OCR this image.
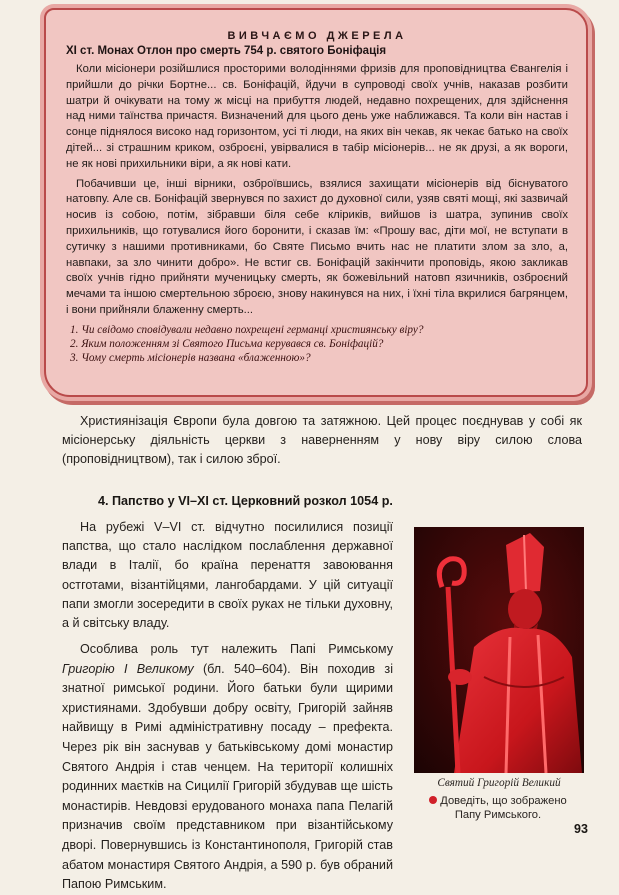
ВИВЧАЄМО ДЖЕРЕЛА

ХІ ст. Монах Отлон про смерть 754 р. святого Боніфація

Коли місіонери розійшлися просторими володіннями фризів для проповідництва Євангелія і прийшли до річки Бортне... св. Боніфацій, йдучи в супроводі своїх учнів, наказав розбити шатри й очікувати на тому ж місці на прибуття людей, недавно похрещених, для здійснення над ними таїнства причастя. Визначений для цього день уже наближався. Та коли він настав і сонце піднялося високо над горизонтом, усі ті люди, на яких він чекав, як чекає батько на своїх дітей... зі страшним криком, озброєні, увірвалися в табір місіонерів... не як друзі, а як вороги, не як нові прихильники віри, а як нові кати.

Побачивши це, інші вірники, озброївшись, взялися захищати місіонерів від біснуватого натовпу. Але св. Боніфацій звернувся по захист до духовної сили, узяв святі мощі, які зазвичай носив із собою, потім, зібравши біля себе кліриків, вийшов із шатра, зупинив своїх прихильників, що готувалися його боронити, і сказав їм: «Прошу вас, діти мої, не вступати в сутичку з нашими противниками, бо Святе Письмо вчить нас не платити злом за зло, а, навпаки, за зло чинити добро». Не встиг св. Боніфацій закінчити проповідь, якою закликав своїх учнів гідно прийняти мученицьку смерть, як божевільний натовп язичників, озброєний мечами та іншою смертельною зброєю, знову накинувся на них, і їхні тіла вкрилися багрянцем, і вони прийняли блаженну смерть...

1. Чи свідомо сповідували недавно похрещені германці християнську віру?
2. Яким положенням зі Святого Письма керувався св. Боніфацій?
3. Чому смерть місіонерів названа «блаженною»?

Християнізація Європи була довгою та затяжною. Цей процес поєднував у собі як місіонерську діяльність церкви з наверненням у нову віру силою слова (проповідництвом), так і силою зброї.

4. Папство у VI–XI ст. Церковний розкол 1054 р.

На рубежі V–VI ст. відчутно посилилися позиції папства, що стало наслідком послаблення державної влади в Італії, бо країна перенаття завоювання остготами, візантійцями, лангобардами. У цій ситуації папи змогли зосередити в своїх руках не тільки духовну, а й світську владу.

Особлива роль тут належить Папі Римському Григорію I Великому (бл. 540–604). Він походив зі знатної римської родини. Його батьки були щирими християнами. Здобувши добру освіту, Григорій зайняв найвищу в Римі адміністративну посаду – префекта. Через рік він заснував у батьківському домі монастир Святого Андрія і став ченцем. На території колишніх родинних маєтків на Сицилії Григорій збудував ще шість монастирів. Невдовзі ерудованого монаха папа Пелагій призначив своїм представником при візантійському дворі. Повернувшись із Константинополя, Григорій став абатом монастиря Святого Андрія, а 590 р. був обраний Папою Римським.

Святий Григорій Великий

Доведіть, що зображено Папу Римського.

93
